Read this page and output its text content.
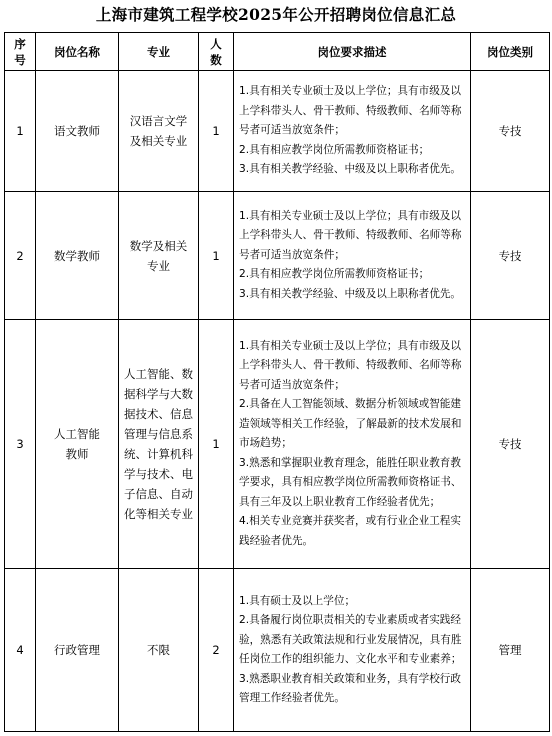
上海市建筑工程学校2025年公开招聘岗位信息汇总
序号	岗位名称	专业	人数	岗位要求描述	岗位类别
1	语文教师	汉语言文学及相关专业	1	1.具有相关专业硕士及以上学位；具有市级及以上学科带头人、骨干教师、特级教师、名师等称号者可适当放宽条件；
2.具有相应教学岗位所需教师资格证书；
3.具有相关教学经验、中级及以上职称者优先。	专技
2	数学教师	数学及相关专业	1	1.具有相关专业硕士及以上学位；具有市级及以上学科带头人、骨干教师、特级教师、名师等称号者可适当放宽条件；
2.具有相应教学岗位所需教师资格证书；
3.具有相关教学经验、中级及以上职称者优先。	专技
3	人工智能教师	人工智能、数据科学与大数据技术、信息管理与信息系统、计算机科学与技术、电子信息、自动化等相关专业	1	1.具有相关专业硕士及以上学位；具有市级及以上学科带头人、骨干教师、特级教师、名师等称号者可适当放宽条件；
2.具备在人工智能领域、数据分析领域或智能建造领域等相关工作经验，了解最新的技术发展和市场趋势；
3.熟悉和掌握职业教育理念，能胜任职业教育教学要求，具有相应教学岗位所需教师资格证书、具有三年及以上职业教育工作经验者优先；
4.相关专业竞赛并获奖者，或有行业企业工程实践经验者优先。	专技
4	行政管理	不限	2	1.具有硕士及以上学位；
2.具备履行岗位职责相关的专业素质或者实践经验，熟悉有关政策法规和行业发展情况，具有胜任岗位工作的组织能力、文化水平和专业素养；
3.熟悉职业教育相关政策和业务，具有学校行政管理工作经验者优先。	管理
